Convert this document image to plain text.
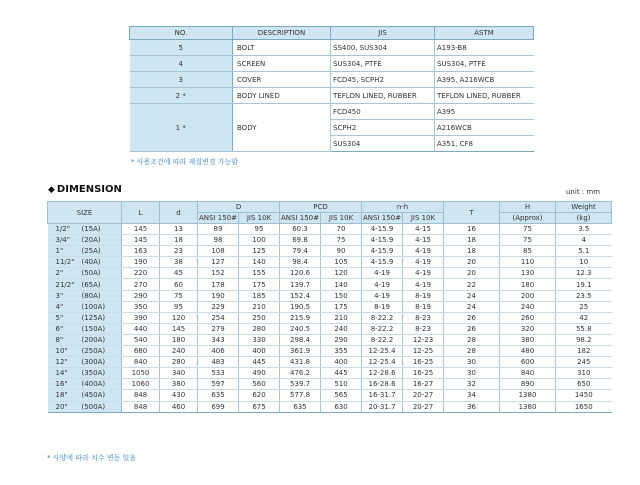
NO.	DESCRIPTION	JIS	ASTM
5	BOLT	SS400, SUS304	A193-B8
4	SCREEN	SUS304, PTFE	SUS304, PTFE
3	COVER	FCD45, SCPH2	A395, A216WCB
2 *	BODY LINED	TEFLON LINED, RUBBER	TEFLON LINED, RUBBER
1 *	BODY	FCD450	A395
		SCPH2	A216WCB
		SUS304	A351, CF8
* 사용조건에 따라 재질변경 가능함
◆ DIMENSION	unit : mm
SIZE	L	d	D		PCD		n-h		T	H	Weight
			ANSI 150#	JIS 10K	ANSI 150#	JIS 10K	ANSI 150#	JIS 10K		(Approx)	(kg)
1/2" (15A)	145	13	89	95	60.3	70	4-15.9	4-15	16	75	3.5
3/4" (20A)	145	18	98	100	69.8	75	4-15.9	4-15	18	75	4
1" (25A)	163	23	108	125	79.4	90	4-15.9	4-19	18	85	5.1
11/2" (40A)	190	38	127	140	98.4	105	4-15.9	4-19	20	110	10
2" (50A)	220	45	152	155	120.6	120	4-19	4-19	20	130	12.3
21/2" (65A)	270	60	178	175	139.7	140	4-19	4-19	22	180	19.1
3" (80A)	290	75	190	185	152.4	150	4-19	8-19	24	200	23.5
4" (100A)	350	95	229	210	190.5	175	8-19	8-19	24	240	25
5" (125A)	390	120	254	250	215.9	210	8-22.2	8-23	26	260	42
6" (150A)	440	145	279	280	240.5	240	8-22.2	8-23	26	320	55.8
8" (200A)	540	180	343	330	298.4	290	8-22.2	12-23	28	380	98.2
10" (250A)	680	240	406	400	361.9	355	12-25.4	12-25	28	480	182
12" (300A)	840	280	483	445	431.8	400	12-25.4	16-25	30	600	245
14" (350A)	1050	340	533	490	476.2	445	12-28.6	16-25	30	840	310
16" (400A)	1060	380	597	560	539.7	510	16-28.6	16-27	32	890	650
18" (450A)	848	430	635	620	577.8	565	16-31.7	20-27	34	1380	1450
20" (500A)	848	460	699	675	635	630	20-31.7	20-27	36	1380	1650
* 사양에 따라 치수 변동 있음
